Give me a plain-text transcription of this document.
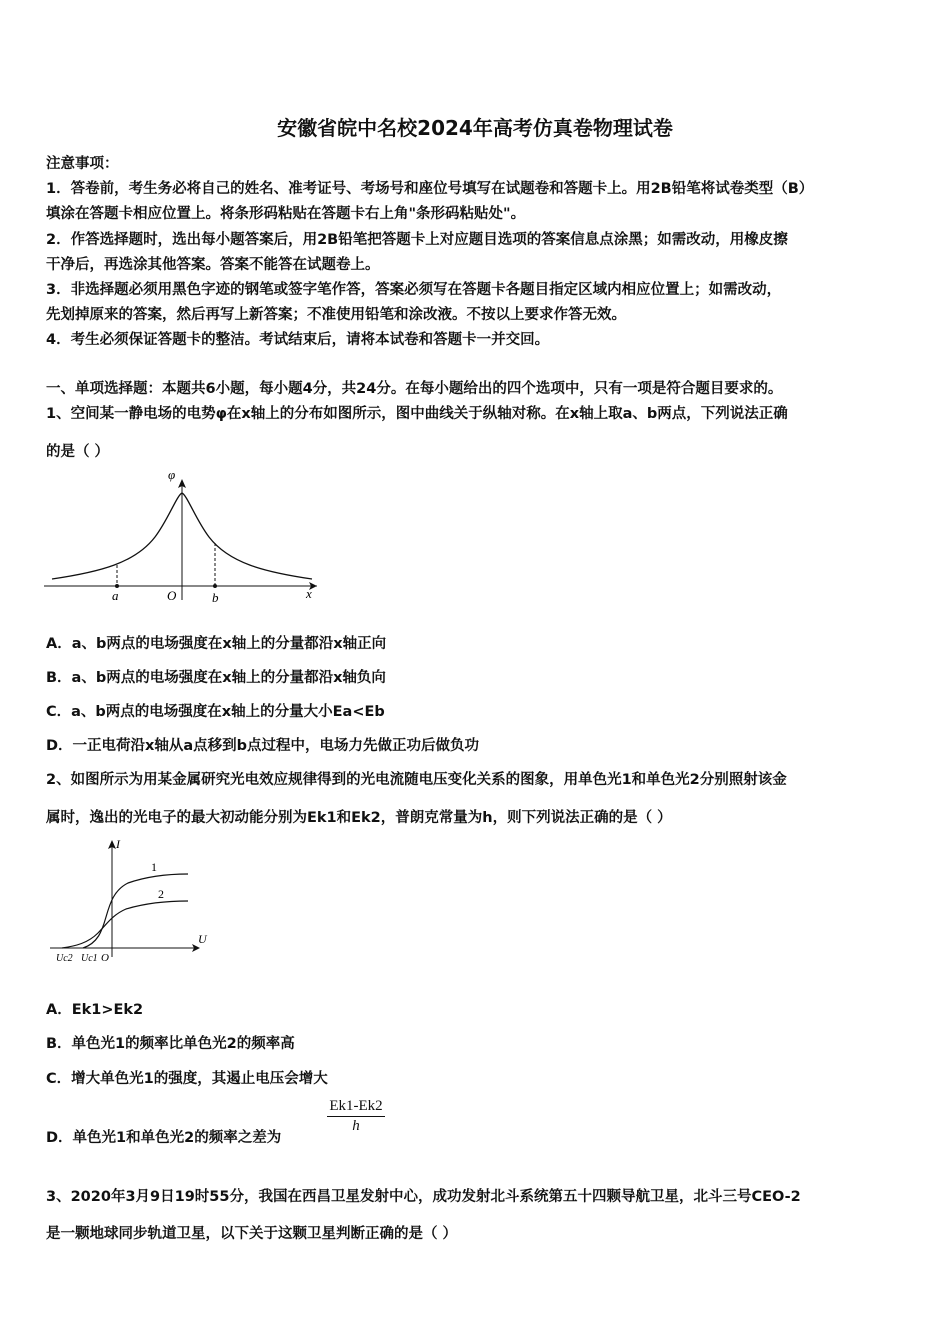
安徽省皖中名校2024年高考仿真卷物理试卷
注意事项：
1．答卷前，考生务必将自己的姓名、准考证号、考场号和座位号填写在试题卷和答题卡上。用2B铅笔将试卷类型（B）
填涂在答题卡相应位置上。将条形码粘贴在答题卡右上角"条形码粘贴处"。
2．作答选择题时，选出每小题答案后，用2B铅笔把答题卡上对应题目选项的答案信息点涂黑；如需改动，用橡皮擦
干净后，再选涂其他答案。答案不能答在试题卷上。
3．非选择题必须用黑色字迹的钢笔或签字笔作答，答案必须写在答题卡各题目指定区域内相应位置上；如需改动，
先划掉原来的答案，然后再写上新答案；不准使用铅笔和涂改液。不按以上要求作答无效。
4．考生必须保证答题卡的整洁。考试结束后，请将本试卷和答题卡一并交回。
一、单项选择题：本题共6小题，每小题4分，共24分。在每小题给出的四个选项中，只有一项是符合题目要求的。
1、空间某一静电场的电势φ在x轴上的分布如图所示，图中曲线关于纵轴对称。在x轴上取a、b两点，下列说法正确
的是（ ）
φ
a	O	b	x
A．a、b两点的电场强度在x轴上的分量都沿x轴正向
B．a、b两点的电场强度在x轴上的分量都沿x轴负向
C．a、b两点的电场强度在x轴上的分量大小Ea<Eb
D．一正电荷沿x轴从a点移到b点过程中，电场力先做正功后做负功
2、如图所示为用某金属研究光电效应规律得到的光电流随电压变化关系的图象，用单色光1和单色光2分别照射该金
属时，逸出的光电子的最大初动能分别为Ek1和Ek2，普朗克常量为h，则下列说法正确的是（ ）
1
2
I
U
Uc2 Uc1 O
A．Ek1>Ek2
B．单色光1的频率比单色光2的频率高
C．增大单色光1的强度，其遏止电压会增大
D．单色光1和单色光2的频率之差为
$\frac{Ek1-Ek2}{h}$
3、2020年3月9日19时55分，我国在西昌卫星发射中心，成功发射北斗系统第五十四颗导航卫星，北斗三号CEO-2
是一颗地球同步轨道卫星，以下关于这颗卫星判断正确的是（ ）
